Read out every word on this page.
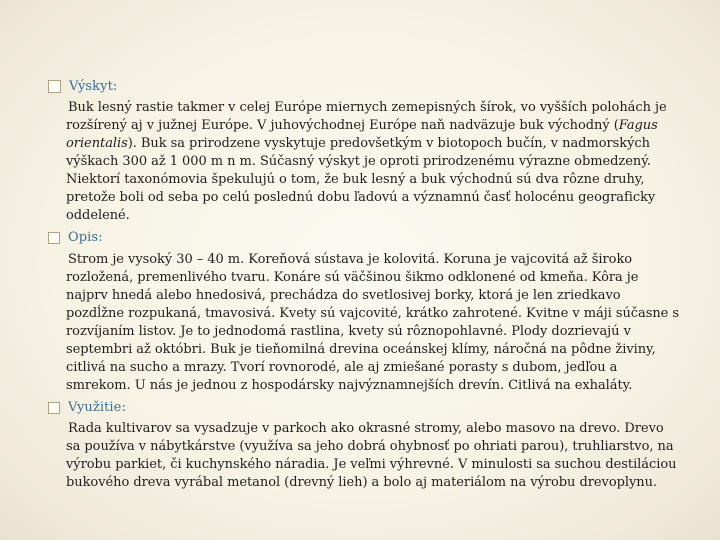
Výskyt:
Buk lesný rastie takmer v celej Európe miernych zemepisných šírok, vo vyšších polohách je rozšírený aj v južnej Európe. V juhovýchodnej Európe naň nadväzuje buk východný (Fagus orientalis). Buk sa prirodzene vyskytuje predovšetkým v biotopoch bučín, v nadmorských výškach 300 až 1 000 m n m. Súčasný výskyt je oproti prirodzenému výrazne obmedzený. Niektorí taxonómovia špekulujú o tom, že buk lesný a buk východnú sú dva rôzne druhy, pretože boli od seba po celú poslednú dobu ľadovú a významnú časť holocénu geograficky oddelené.
Opis:
Strom je vysoký 30 – 40 m. Koreňová sústava je kolovitá. Koruna je vajcovitá až široko rozložená, premenlivého tvaru. Konáre sú väčšinou šikmo odklonené od kmeňa. Kôra je najprv hnedá alebo hnedosivá, prechádza do svetlosivej borky, ktorá je len zriedkavo pozdĺžne rozpukaná, tmavosivá. Kvety sú vajcovité, krátko zahrotené. Kvitne v máji súčasne s rozvíjaním listov. Je to jednodomá rastlina, kvety sú rôznopohlavné. Plody dozrievajú v septembri až októbri. Buk je tieňomilná drevina oceánskej klímy, náročná na pôdne živiny, citlivá na sucho a mrazy. Tvorí rovnorodé, ale aj zmiešané porasty s dubom, jedľou a smrekom. U nás je jednou z hospodársky najvýznamnejších drevín. Citlivá na exhaláty.
Využitie:
Rada kultivarov sa vysadzuje v parkoch ako okrasné stromy, alebo masovo na drevo. Drevo sa používa v nábytkárstve (využíva sa jeho dobrá ohybnosť po ohriati parou), truhliarstvo, na výrobu parkiet, či kuchynského náradia. Je veľmi výhrevné. V minulosti sa suchou destiláciou bukového dreva vyrábal metanol (drevný lieh) a bolo aj materiálom na výrobu drevoplynu.
